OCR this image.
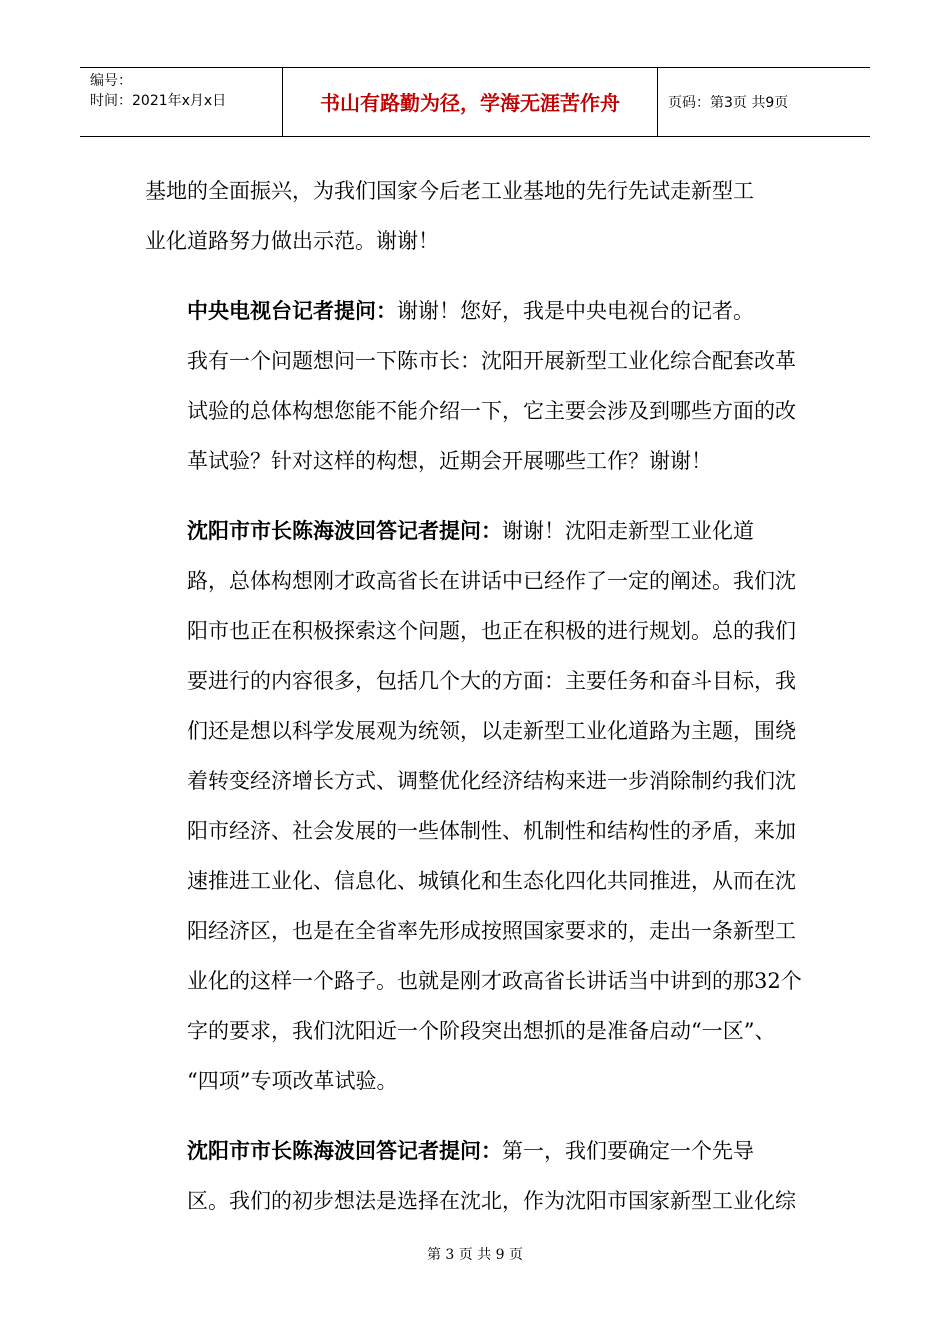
编号：
时间：2021年x月x日	书山有路勤为径，学海无涯苦作舟	页码：第3页 共9页

基地的全面振兴，为我们国家今后老工业基地的先行先试走新型工
业化道路努力做出示范。谢谢！

中央电视台记者提问：谢谢！您好，我是中央电视台的记者。
我有一个问题想问一下陈市长：沈阳开展新型工业化综合配套改革
试验的总体构想您能不能介绍一下，它主要会涉及到哪些方面的改
革试验？针对这样的构想，近期会开展哪些工作？谢谢！

沈阳市市长陈海波回答记者提问：谢谢！沈阳走新型工业化道
路，总体构想刚才政高省长在讲话中已经作了一定的阐述。我们沈
阳市也正在积极探索这个问题，也正在积极的进行规划。总的我们
要进行的内容很多，包括几个大的方面：主要任务和奋斗目标，我
们还是想以科学发展观为统领，以走新型工业化道路为主题，围绕
着转变经济增长方式、调整优化经济结构来进一步消除制约我们沈
阳市经济、社会发展的一些体制性、机制性和结构性的矛盾，来加
速推进工业化、信息化、城镇化和生态化四化共同推进，从而在沈
阳经济区，也是在全省率先形成按照国家要求的，走出一条新型工
业化的这样一个路子。也就是刚才政高省长讲话当中讲到的那32个
字的要求，我们沈阳近一个阶段突出想抓的是准备启动“一区”、
“四项”专项改革试验。

沈阳市市长陈海波回答记者提问：第一，我们要确定一个先导
区。我们的初步想法是选择在沈北，作为沈阳市国家新型工业化综

第 3 页 共 9 页
